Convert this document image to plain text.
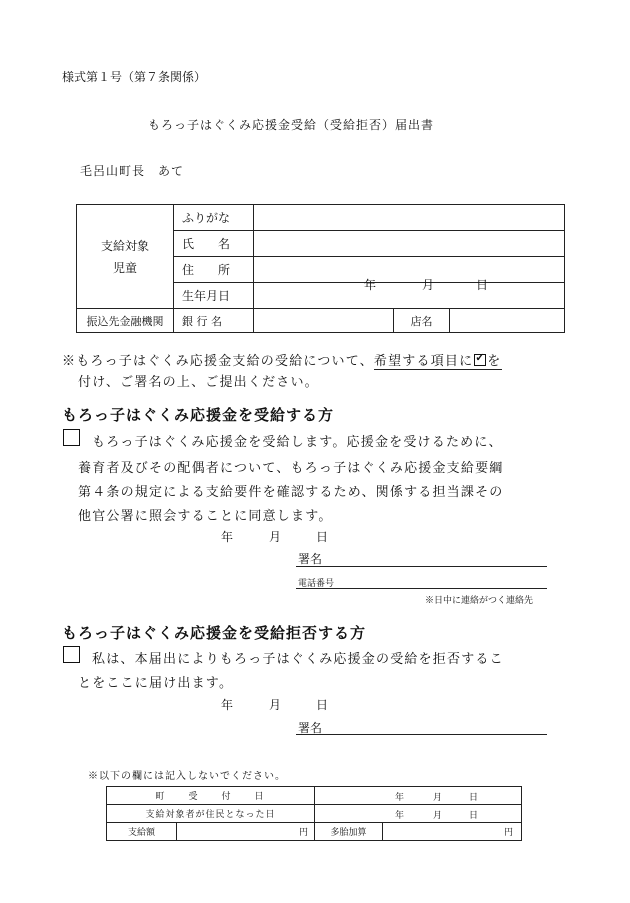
様式第１号（第７条関係）
もろっ子はぐくみ応援金受給（受給拒否）届出書
毛呂山町長　あて
支給対象
児童	ふりがな			
	氏　　名			
	住　　所			
	生年月日	年 月 日		

振込先金融機関	銀 行 名		店名	
※もろっ子はぐくみ応援金支給の受給について、希望する項目に ✓ を
付け、ご署名の上、ご提出ください。
もろっ子はぐくみ応援金を受給する方
もろっ子はぐくみ応援金を受給します。応援金を受けるために、
養育者及びその配偶者について、もろっ子はぐくみ応援金支給要綱
第４条の規定による支給要件を確認するため、関係する担当課その
他官公署に照会することに同意します。
年	月	日
署名
電話番号
※日中に連絡がつく連絡先
もろっ子はぐくみ応援金を受給拒否する方
私は、本届出によりもろっ子はぐくみ応援金の受給を拒否するこ
とをここに届け出ます。
年	月	日
署名
※以下の欄には記入しないでください。
町　　受　　付　　日		年 月 日	

支給対象者が住民となった日		年 月 日	

支給額	円	多胎加算	円
